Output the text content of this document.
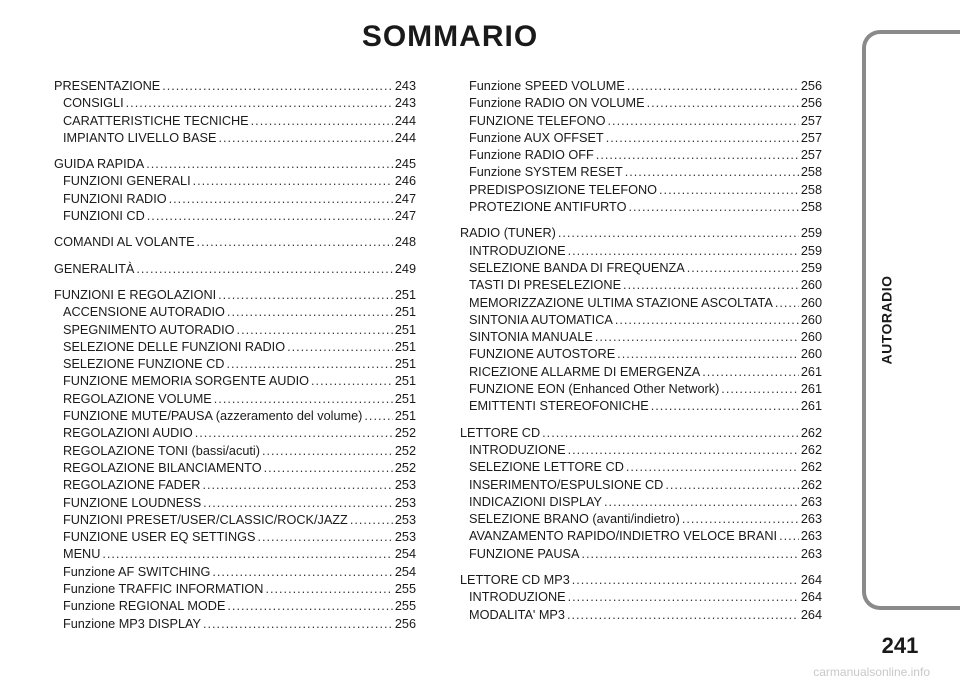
SOMMARIO
PRESENTAZIONE .....	243
CONSIGLI .....	243
CARATTERISTICHE TECNICHE .....	244
IMPIANTO LIVELLO BASE .....	244
GUIDA RAPIDA .....	245
FUNZIONI GENERALI .....	246
FUNZIONI RADIO .....	247
FUNZIONI CD .....	247
COMANDI AL VOLANTE .....	248
GENERALITÀ .....	249
FUNZIONI E REGOLAZIONI .....	251
ACCENSIONE AUTORADIO .....	251
SPEGNIMENTO AUTORADIO .....	251
SELEZIONE DELLE FUNZIONI RADIO .....	251
SELEZIONE FUNZIONE CD .....	251
FUNZIONE MEMORIA SORGENTE AUDIO .....	251
REGOLAZIONE VOLUME .....	251
FUNZIONE MUTE/PAUSA (azzeramento del volume) .....	251
REGOLAZIONI AUDIO .....	252
REGOLAZIONE TONI (bassi/acuti) .....	252
REGOLAZIONE BILANCIAMENTO .....	252
REGOLAZIONE FADER .....	253
FUNZIONE LOUDNESS .....	253
FUNZIONI PRESET/USER/CLASSIC/ROCK/JAZZ .....	253
FUNZIONE USER EQ SETTINGS .....	253
MENU .....	254
Funzione AF SWITCHING .....	254
Funzione TRAFFIC INFORMATION .....	255
Funzione REGIONAL MODE .....	255
Funzione MP3 DISPLAY .....	256
Funzione SPEED VOLUME .....	256
Funzione RADIO ON VOLUME .....	256
FUNZIONE TELEFONO .....	257
Funzione AUX OFFSET .....	257
Funzione RADIO OFF .....	257
Funzione SYSTEM RESET .....	258
PREDISPOSIZIONE TELEFONO .....	258
PROTEZIONE ANTIFURTO .....	258
RADIO (TUNER) .....	259
INTRODUZIONE .....	259
SELEZIONE BANDA DI FREQUENZA .....	259
TASTI DI PRESELEZIONE .....	260
MEMORIZZAZIONE ULTIMA STAZIONE ASCOLTATA ..... 260
SINTONIA AUTOMATICA .....	260
SINTONIA MANUALE .....	260
FUNZIONE AUTOSTORE .....	260
RICEZIONE ALLARME DI EMERGENZA .....	261
FUNZIONE EON (Enhanced Other Network) .....	261
EMITTENTI STEREOFONICHE .....	261
LETTORE CD .....	262
INTRODUZIONE .....	262
SELEZIONE LETTORE CD .....	262
INSERIMENTO/ESPULSIONE CD .....	262
INDICAZIONI DISPLAY .....	263
SELEZIONE BRANO (avanti/indietro) .....	263
AVANZAMENTO RAPIDO/INDIETRO VELOCE BRANI ..... 263
FUNZIONE PAUSA .....	263
LETTORE CD MP3 .....	264
INTRODUZIONE .....	264
MODALITA' MP3 .....	264
AUTORADIO
241
carmanualsonline.info
